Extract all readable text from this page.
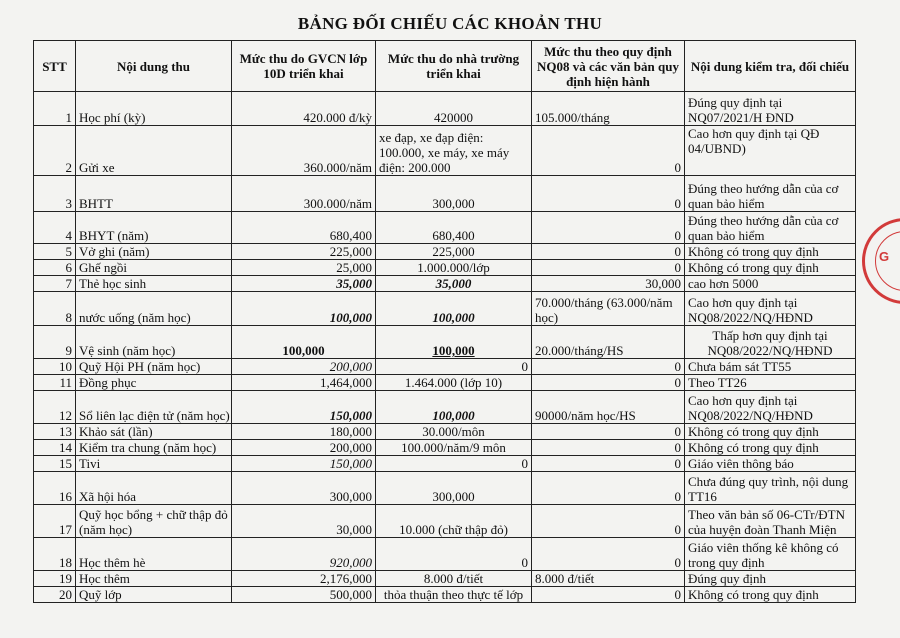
BẢNG ĐỐI CHIẾU CÁC KHOẢN THU
STT	Nội dung thu	Mức thu do GVCN lớp 10D triển khai	Mức thu do nhà trường triển khai	Mức thu theo quy định NQ08 và các văn bản quy định hiện hành	Nội dung kiểm tra, đối chiếu
1	Học phí (kỳ)	420.000 đ/kỳ	420000	105.000/tháng	Đúng quy định tại NQ07/2021/H ĐND
2	Gửi xe	360.000/năm	xe đạp, xe đạp điện: 100.000, xe máy, xe máy điện: 200.000	0	Cao hơn quy định tại QĐ 04/UBND)
3	BHTT	300.000/năm	300,000	0	Đúng theo hướng dẫn của cơ quan bảo hiểm
4	BHYT (năm)	680,400	680,400	0	Đúng theo hướng dẫn của cơ quan bảo hiểm
5	Vở ghi (năm)	225,000	225,000	0	Không có trong quy định
6	Ghế ngồi	25,000	1.000.000/lớp	0	Không có trong quy định
7	Thẻ học sinh	35,000	35,000	30,000	cao hơn 5000
8	nước uống (năm học)	100,000	100,000	70.000/tháng (63.000/năm học)	Cao hơn quy định tại NQ08/2022/NQ/HĐND
9	Vệ sinh (năm học)	100,000	100,000	20.000/tháng/HS	Thấp hơn quy định tại NQ08/2022/NQ/HĐND
10	Quỹ Hội PH (năm học)	200,000	0	0	Chưa bám sát TT55
11	Đồng phục	1,464,000	1.464.000 (lớp 10)	0	Theo TT26
12	Sổ liên lạc điện tử (năm học)	150,000	100,000	90000/năm học/HS	Cao hơn quy định tại NQ08/2022/NQ/HĐND
13	Khảo sát (lần)	180,000	30.000/môn	0	Không có trong quy định
14	Kiểm tra chung (năm học)	200,000	100.000/năm/9 môn	0	Không có trong quy định
15	Tivi	150,000	0	0	Giáo viên thông báo
16	Xã hội hóa	300,000	300,000	0	Chưa đúng quy trình, nội dung TT16
17	Quỹ học bổng + chữ thập đỏ (năm học)	30,000	10.000 (chữ thập đỏ)	0	Theo văn bản số 06-CTr/ĐTN của huyện đoàn Thanh Miện
18	Học thêm hè	920,000	0	0	Giáo viên thống kê không có trong quy định
19	Học thêm	2,176,000	8.000 đ/tiết	8.000 đ/tiết	Đúng quy định
20	Quỹ lớp	500,000	thỏa thuận theo thực tế lớp	0	Không có trong quy định
G
